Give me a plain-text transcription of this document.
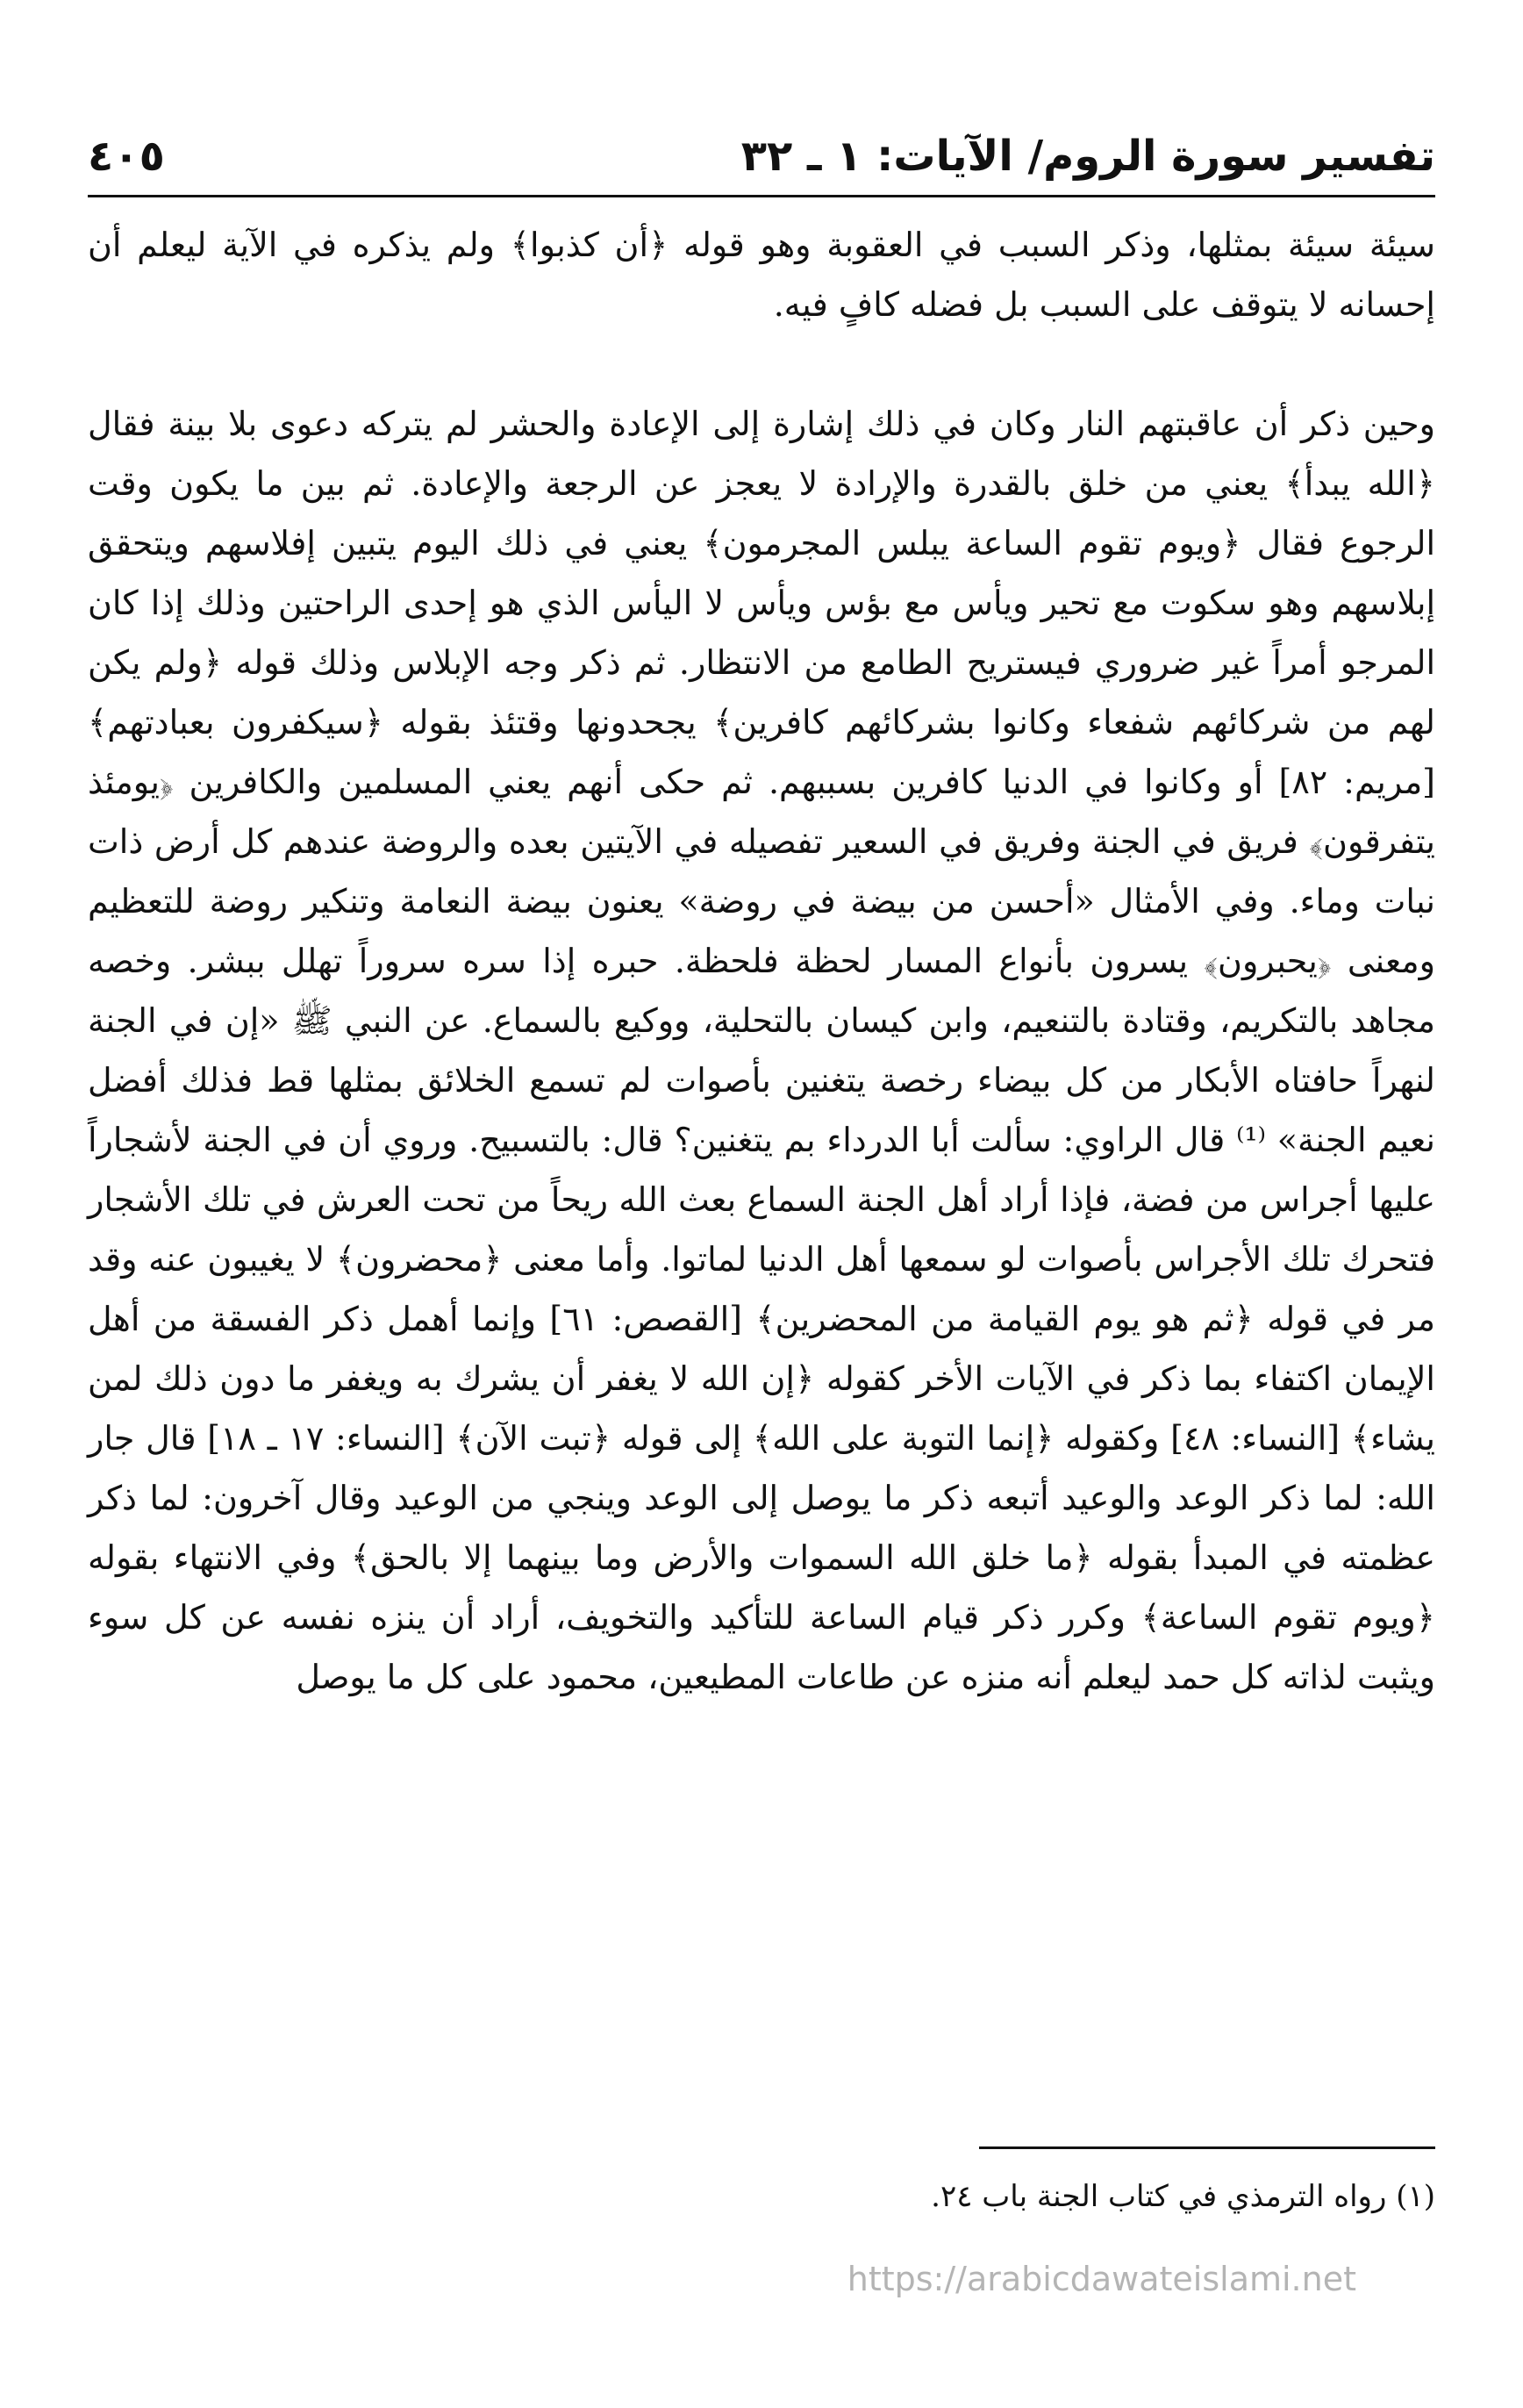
تفسير سورة الروم/ الآيات: ١ ـ ٣٢
٤٠٥

سيئة سيئة بمثلها، وذكر السبب في العقوبة وهو قوله ﴿أن كذبوا﴾ ولم يذكره في الآية ليعلم أن إحسانه لا يتوقف على السبب بل فضله كافٍ فيه.

وحين ذكر أن عاقبتهم النار وكان في ذلك إشارة إلى الإعادة والحشر لم يتركه دعوى بلا بينة فقال ﴿الله يبدأ﴾ يعني من خلق بالقدرة والإرادة لا يعجز عن الرجعة والإعادة. ثم بين ما يكون وقت الرجوع فقال ﴿ويوم تقوم الساعة يبلس المجرمون﴾ يعني في ذلك اليوم يتبين إفلاسهم ويتحقق إبلاسهم وهو سكوت مع تحير ويأس مع بؤس ويأس لا اليأس الذي هو إحدى الراحتين وذلك إذا كان المرجو أمراً غير ضروري فيستريح الطامع من الانتظار. ثم ذكر وجه الإبلاس وذلك قوله ﴿ولم يكن لهم من شركائهم شفعاء وكانوا بشركائهم كافرين﴾ يجحدونها وقتئذ بقوله ﴿سيكفرون بعبادتهم﴾ [مريم: ٨٢] أو وكانوا في الدنيا كافرين بسببهم. ثم حكى أنهم يعني المسلمين والكافرين ﴿يومئذ يتفرقون﴾ فريق في الجنة وفريق في السعير تفصيله في الآيتين بعده والروضة عندهم كل أرض ذات نبات وماء. وفي الأمثال «أحسن من بيضة في روضة» يعنون بيضة النعامة وتنكير روضة للتعظيم ومعنى ﴿يحبرون﴾ يسرون بأنواع المسار لحظة فلحظة. حبره إذا سره سروراً تهلل ببشر. وخصه مجاهد بالتكريم، وقتادة بالتنعيم، وابن كيسان بالتحلية، ووكيع بالسماع. عن النبي ﷺ «إن في الجنة لنهراً حافتاه الأبكار من كل بيضاء رخصة يتغنين بأصوات لم تسمع الخلائق بمثلها قط فذلك أفضل نعيم الجنة» ⁽¹⁾ قال الراوي: سألت أبا الدرداء بم يتغنين؟ قال: بالتسبيح. وروي أن في الجنة لأشجاراً عليها أجراس من فضة، فإذا أراد أهل الجنة السماع بعث الله ريحاً من تحت العرش في تلك الأشجار فتحرك تلك الأجراس بأصوات لو سمعها أهل الدنيا لماتوا. وأما معنى ﴿محضرون﴾ لا يغيبون عنه وقد مر في قوله ﴿ثم هو يوم القيامة من المحضرين﴾ [القصص: ٦١] وإنما أهمل ذكر الفسقة من أهل الإيمان اكتفاء بما ذكر في الآيات الأخر كقوله ﴿إن الله لا يغفر أن يشرك به ويغفر ما دون ذلك لمن يشاء﴾ [النساء: ٤٨] وكقوله ﴿إنما التوبة على الله﴾ إلى قوله ﴿تبت الآن﴾ [النساء: ١٧ ـ ١٨] قال جار الله: لما ذكر الوعد والوعيد أتبعه ذكر ما يوصل إلى الوعد وينجي من الوعيد وقال آخرون: لما ذكر عظمته في المبدأ بقوله ﴿ما خلق الله السموات والأرض وما بينهما إلا بالحق﴾ وفي الانتهاء بقوله ﴿ويوم تقوم الساعة﴾ وكرر ذكر قيام الساعة للتأكيد والتخويف، أراد أن ينزه نفسه عن كل سوء ويثبت لذاته كل حمد ليعلم أنه منزه عن طاعات المطيعين، محمود على كل ما يوصل

(١) رواه الترمذي في كتاب الجنة باب ٢٤.
https://arabicdawateislami.net
